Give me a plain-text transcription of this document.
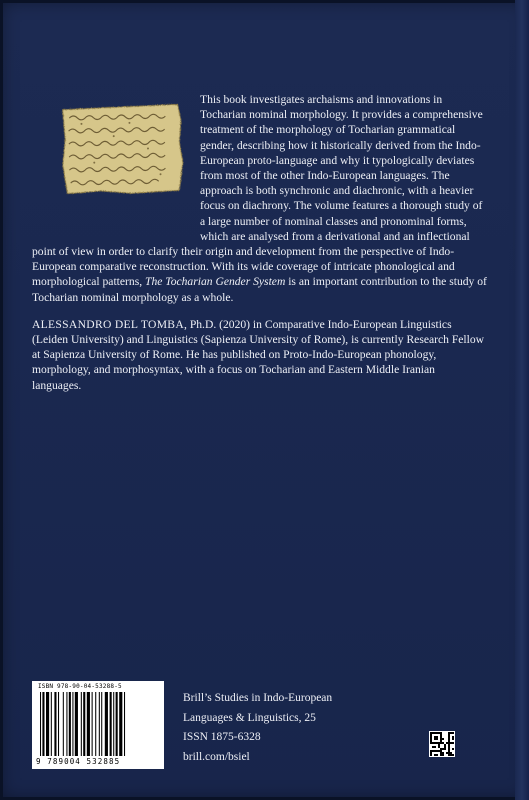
This book investigates archaisms and innovations in Tocharian nominal morphology. It provides a comprehensive treatment of the morphology of Tocharian grammatical gender, describing how it historically derived from the Indo-European proto-language and why it typologically deviates from most of the other Indo-European languages. The approach is both synchronic and diachronic, with a heavier focus on diachrony. The volume features a thorough study of a large number of nominal classes and pronominal forms, which are analysed from a derivational and an inflectional point of view in order to clarify their origin and development from the perspective of Indo-European comparative reconstruction. With its wide coverage of intricate phonological and morphological patterns, The Tocharian Gender System is an important contribution to the study of Tocharian nominal morphology as a whole.

ALESSANDRO DEL TOMBA, Ph.D. (2020) in Comparative Indo-European Linguistics (Leiden University) and Linguistics (Sapienza University of Rome), is currently Research Fellow at Sapienza University of Rome. He has published on Proto-Indo-European phonology, morphology, and morphosyntax, with a focus on Tocharian and Eastern Middle Iranian languages.

ISBN 978-90-04-53288-5
9 789004 532885
Brill’s Studies in Indo-European
Languages & Linguistics, 25
ISSN 1875-6328
brill.com/bsiel
